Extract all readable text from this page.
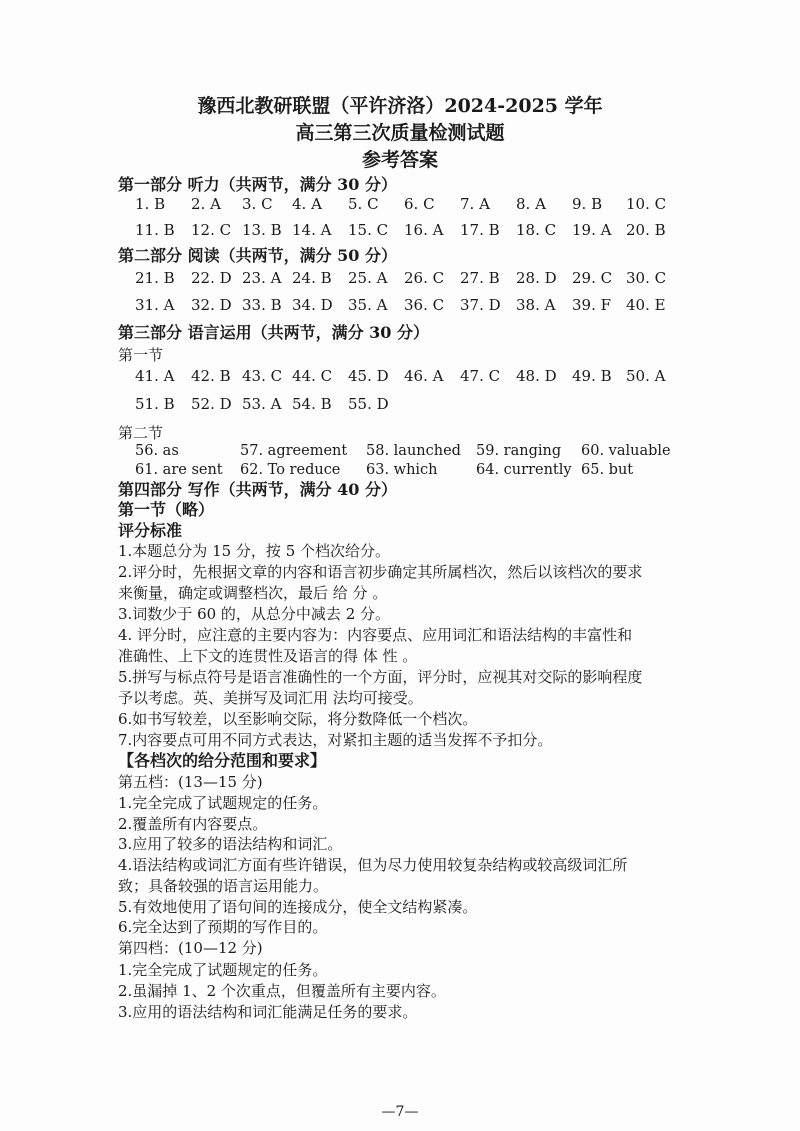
豫西北教研联盟（平许济洛）2024-2025 学年
高三第三次质量检测试题
参考答案
第一部分 听力（共两节，满分 30 分）
1. B 2. A 3. C 4. A 5. C 6. C 7. A 8. A 9. B 10. C
11. B 12. C 13. B 14. A 15. C 16. A 17. B 18. C 19. A 20. B
第二部分 阅读（共两节，满分 50 分）
21. B 22. D 23. A 24. B 25. A 26. C 27. B 28. D 29. C 30. C
31. A 32. D 33. B 34. D 35. A 36. C 37. D 38. A 39. F 40. E
第三部分 语言运用（共两节，满分 30 分）
第一节
41. A 42. B 43. C 44. C 45. D 46. A 47. C 48. D 49. B 50. A
51. B 52. D 53. A 54. B 55. D
第二节
56. as	57. agreement 58. launched 59. ranging 60. valuable
61. are sent 62. To reduce 63. which	64. currently 65. but
第四部分 写作（共两节，满分 40 分）
第一节（略）
评分标准
1.本题总分为 15 分，按 5 个档次给分。
2.评分时，先根据文章的内容和语言初步确定其所属档次，然后以该档次的要求
来衡量，确定或调整档次，最后 给 分 。
3.词数少于 60 的，从总分中减去 2 分。
4. 评分时，应注意的主要内容为：内容要点、应用词汇和语法结构的丰富性和
准确性、上下文的连贯性及语言的得 体 性 。
5.拼写与标点符号是语言准确性的一个方面，评分时，应视其对交际的影响程度
予以考虑。英、美拼写及词汇用 法均可接受。
6.如书写较差，以至影响交际，将分数降低一个档次。
7.内容要点可用不同方式表达，对紧扣主题的适当发挥不予扣分。
【各档次的给分范围和要求】
第五档：(13—15 分)
1.完全完成了试题规定的任务。
2.覆盖所有内容要点。
3.应用了较多的语法结构和词汇。
4.语法结构或词汇方面有些许错误，但为尽力使用较复杂结构或较高级词汇所
致；具备较强的语言运用能力。
5.有效地使用了语句间的连接成分，使全文结构紧凑。
6.完全达到了预期的写作目的。
第四档：(10—12 分)
1.完全完成了试题规定的任务。
2.虽漏掉 1、2 个次重点，但覆盖所有主要内容。
3.应用的语法结构和词汇能满足任务的要求。
—7—
